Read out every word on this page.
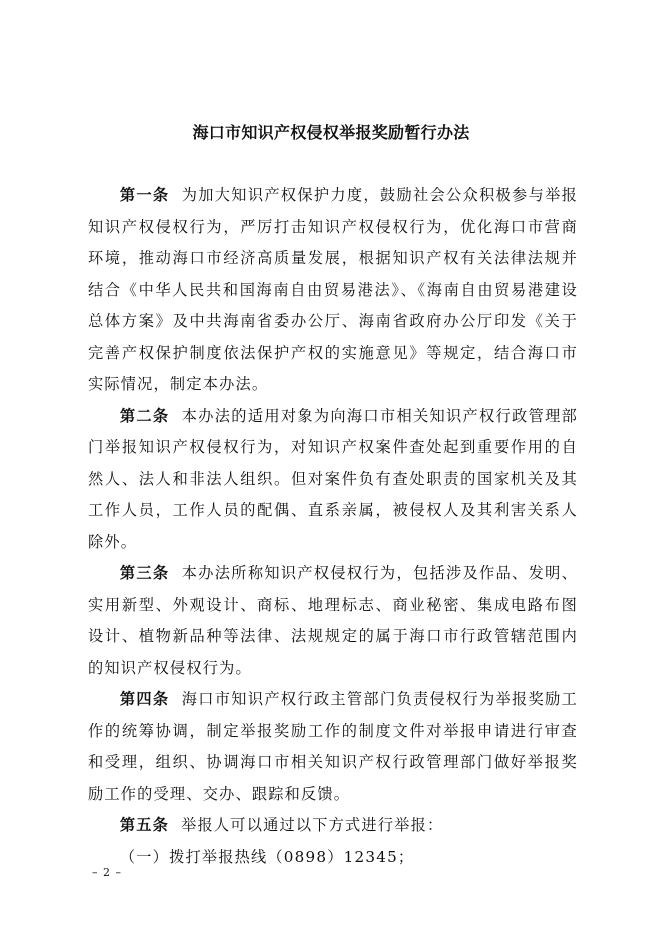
海口市知识产权侵权举报奖励暂行办法

第一条 为加大知识产权保护力度，鼓励社会公众积极参与举报知识产权侵权行为，严厉打击知识产权侵权行为，优化海口市营商环境，推动海口市经济高质量发展，根据知识产权有关法律法规并结合《中华人民共和国海南自由贸易港法》、《海南自由贸易港建设总体方案》及中共海南省委办公厅、海南省政府办公厅印发《关于完善产权保护制度依法保护产权的实施意见》等规定，结合海口市实际情况，制定本办法。

第二条 本办法的适用对象为向海口市相关知识产权行政管理部门举报知识产权侵权行为，对知识产权案件查处起到重要作用的自然人、法人和非法人组织。但对案件负有查处职责的国家机关及其工作人员，工作人员的配偶、直系亲属，被侵权人及其利害关系人除外。

第三条 本办法所称知识产权侵权行为，包括涉及作品、发明、实用新型、外观设计、商标、地理标志、商业秘密、集成电路布图设计、植物新品种等法律、法规规定的属于海口市行政管辖范围内的知识产权侵权行为。

第四条 海口市知识产权行政主管部门负责侵权行为举报奖励工作的统筹协调，制定举报奖励工作的制度文件对举报申请进行审查和受理，组织、协调海口市相关知识产权行政管理部门做好举报奖励工作的受理、交办、跟踪和反馈。

第五条 举报人可以通过以下方式进行举报：

（一）拨打举报热线（0898）12345；

– 2 –
